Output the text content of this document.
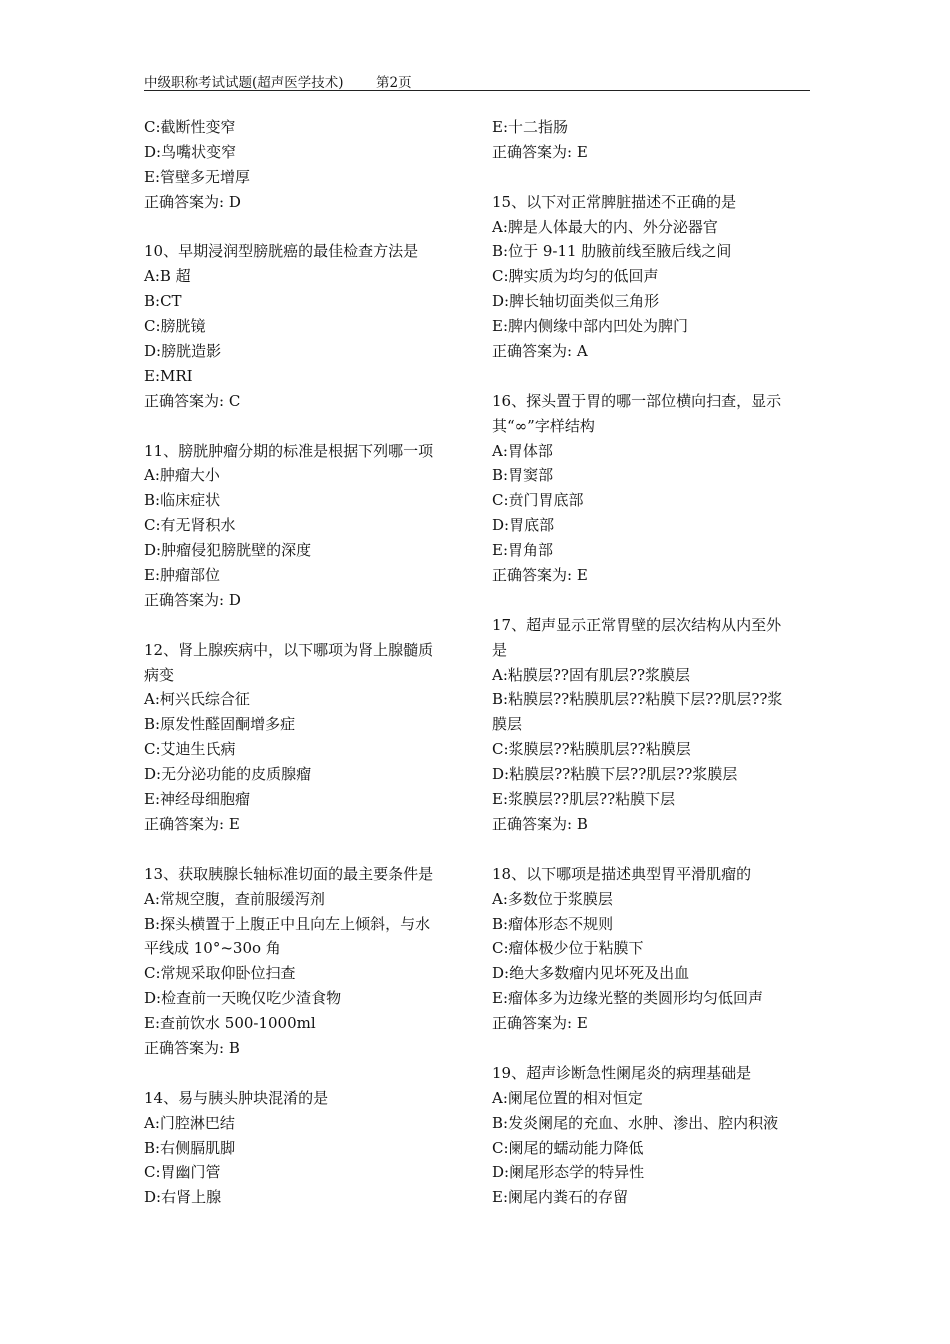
中级职称考试试题(超声医学技术) 第2页
C:截断性变窄
D:鸟嘴状变窄
E:管壁多无增厚
正确答案为: D
10、早期浸润型膀胱癌的最佳检查方法是
A:B 超
B:CT
C:膀胱镜
D:膀胱造影
E:MRI
正确答案为: C
11、膀胱肿瘤分期的标准是根据下列哪一项
A:肿瘤大小
B:临床症状
C:有无肾积水
D:肿瘤侵犯膀胱壁的深度
E:肿瘤部位
正确答案为: D
12、肾上腺疾病中，以下哪项为肾上腺髓质
病变
A:柯兴氏综合征
B:原发性醛固酮增多症
C:艾迪生氏病
D:无分泌功能的皮质腺瘤
E:神经母细胞瘤
正确答案为: E
13、获取胰腺长轴标准切面的最主要条件是
A:常规空腹，查前服缓泻剂
B:探头横置于上腹正中且向左上倾斜，与水
平线成 10°~30o 角
C:常规采取仰卧位扫查
D:检查前一天晚仅吃少渣食物
E:查前饮水 500-1000ml
正确答案为: B
14、易与胰头肿块混淆的是
A:门腔淋巴结
B:右侧膈肌脚
C:胃幽门管
D:右肾上腺
E:十二指肠
正确答案为: E
15、以下对正常脾脏描述不正确的是
A:脾是人体最大的内、外分泌器官
B:位于 9-11 肋腋前线至腋后线之间
C:脾实质为均匀的低回声
D:脾长轴切面类似三角形
E:脾内侧缘中部内凹处为脾门
正确答案为: A
16、探头置于胃的哪一部位横向扫查，显示
其“∞”字样结构
A:胃体部
B:胃窦部
C:贲门胃底部
D:胃底部
E:胃角部
正确答案为: E
17、超声显示正常胃壁的层次结构从内至外
是
A:粘膜层??固有肌层??浆膜层
B:粘膜层??粘膜肌层??粘膜下层??肌层??浆
膜层
C:浆膜层??粘膜肌层??粘膜层
D:粘膜层??粘膜下层??肌层??浆膜层
E:浆膜层??肌层??粘膜下层
正确答案为: B
18、以下哪项是描述典型胃平滑肌瘤的
A:多数位于浆膜层
B:瘤体形态不规则
C:瘤体极少位于粘膜下
D:绝大多数瘤内见坏死及出血
E:瘤体多为边缘光整的类圆形均匀低回声
正确答案为: E
19、超声诊断急性阑尾炎的病理基础是
A:阑尾位置的相对恒定
B:发炎阑尾的充血、水肿、渗出、腔内积液
C:阑尾的蠕动能力降低
D:阑尾形态学的特异性
E:阑尾内粪石的存留
